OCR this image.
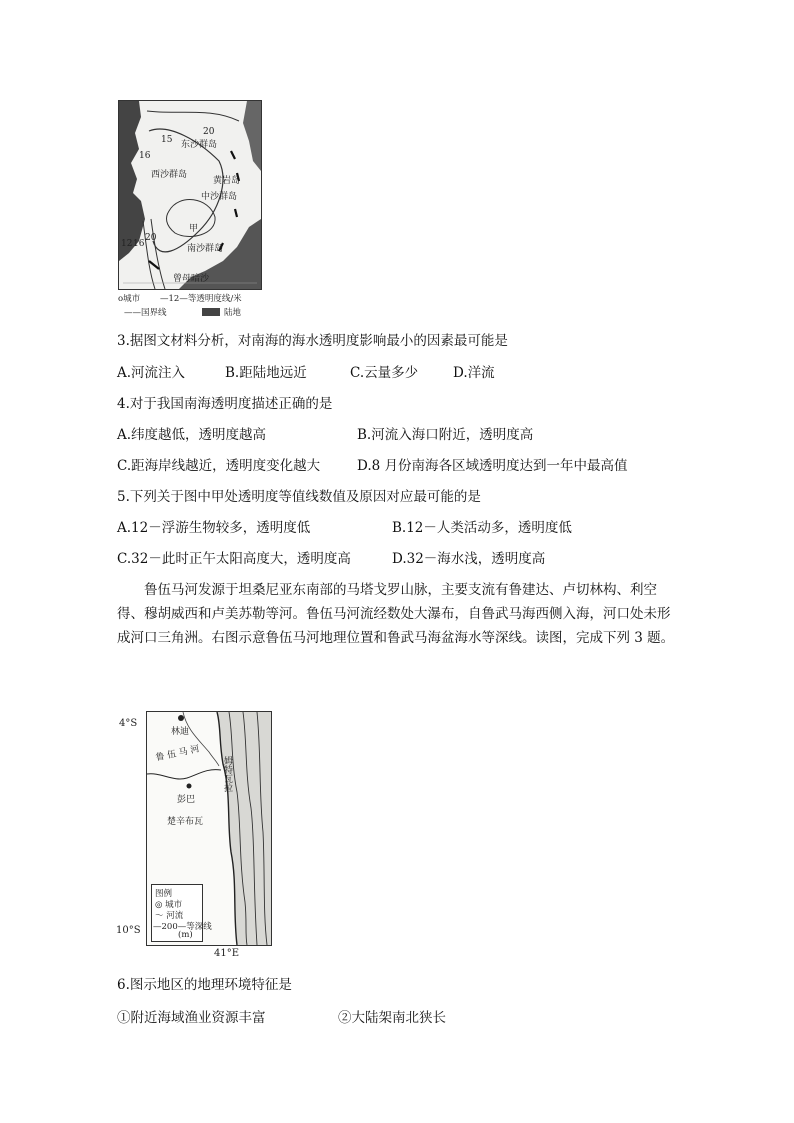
20
15 东沙群岛
16
西沙群岛
黄岩岛
中沙群岛
甲
12 16
20
南沙群岛
曾母暗沙
o城市 —12—等透明度线/米
——国界线	陆地
3.据图文材料分析，对南海的海水透明度影响最小的因素最可能是
A.河流注入	B.距陆地远近	C.云量多少	D.洋流
4.对于我国南海透明度描述正确的是
A.纬度越低，透明度越高	B.河流入海口附近，透明度高
C.距海岸线越近，透明度变化越大	D.8 月份南海各区域透明度达到一年中最高值
5.下列关于图中甲处透明度等值线数值及原因对应最可能的是
A.12－浮游生物较多，透明度低	B.12－人类活动多，透明度低
C.32－此时正午太阳高度大，透明度高	D.32－海水浅，透明度高
鲁伍马河发源于坦桑尼亚东南部的马塔戈罗山脉，主要支流有鲁建达、卢切林构、利空得、穆胡威西和卢美苏勒等河。鲁伍马河流经数处大瀑布，自鲁武马海西侧入海，河口处未形成河口三角洲。右图示意鲁伍马河地理位置和鲁武马海盆海水等深线。读图，完成下列 3 题。
4°S
10°S
41°E
林迪
鲁 伍 马 河
姆特瓦拉
彭巴
楚辛布瓦
图例
◎ 城市
〜 河流
—200—等深线
(m)
6.图示地区的地理环境特征是
①附近海域渔业资源丰富	②大陆架南北狭长
